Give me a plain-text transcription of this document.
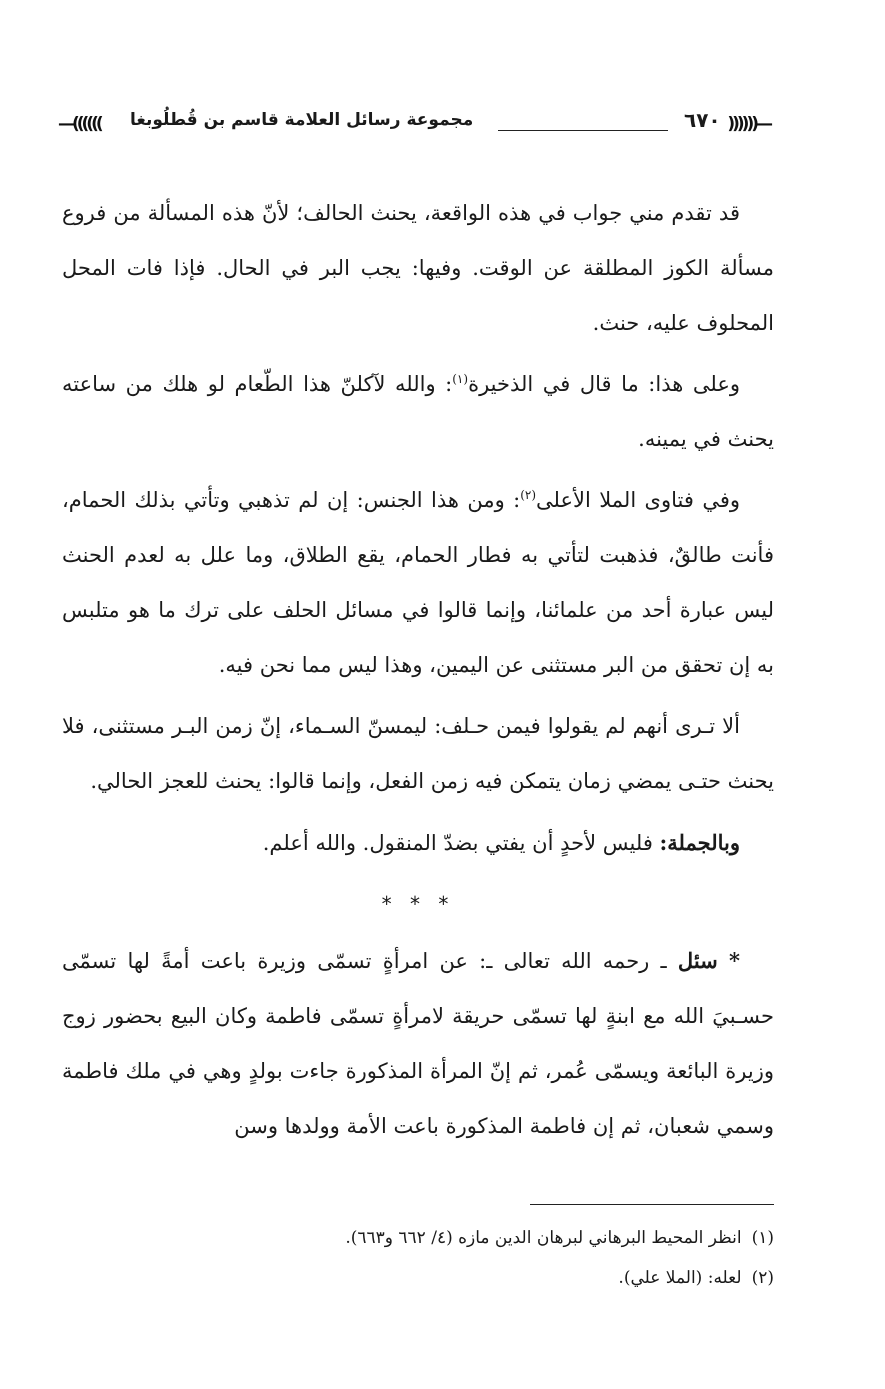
—(((((( مجموعة رسائل العلامة قاسم بن قُطلُوبغا	٦٧٠ ))))))—

قد تقدم مني جواب في هذه الواقعة، يحنث الحالف؛ لأنّ هذه المسألة من فروع مسألة الكوز المطلقة عن الوقت. وفيها: يجب البر في الحال. فإذا فات المحل المحلوف عليه، حنث.

وعلى هذا: ما قال في الذخيرة$^{(١)}$: والله لآكلنّ هذا الطّعام لو هلك من ساعته يحنث في يمينه.

وفي فتاوى الملا الأعلى$^{(٢)}$: ومن هذا الجنس: إن لم تذهبي وتأتي بذلك الحمام، فأنت طالقٌ، فذهبت لتأتي به فطار الحمام، يقع الطلاق، وما علل به لعدم الحنث ليس عبارة أحد من علمائنا، وإنما قالوا في مسائل الحلف على ترك ما هو متلبس به إن تحقق من البر مستثنى عن اليمين، وهذا ليس مما نحن فيه.

ألا تـرى أنهم لم يقولوا فيمن حـلف: ليمسنّ السـماء، إنّ زمن البـر مستثنى، فلا يحنث حتـى يمضي زمان يتمكن فيه زمن الفعل، وإنما قالوا: يحنث للعجز الحالي.

وبالجملة: فليس لأحدٍ أن يفتي بضدّ المنقول. والله أعلم.

* * *

* سئل ـ رحمه الله تعالى ـ: عن امرأةٍ تسمّى وزيرة باعت أمةً لها تسمّى حسـبيَ الله مع ابنةٍ لها تسمّى حريقة لامرأةٍ تسمّى فاطمة وكان البيع بحضور زوج وزيرة البائعة ويسمّى عُمر، ثم إنّ المرأة المذكورة جاءت بولدٍ وهي في ملك فاطمة وسمي شعبان، ثم إن فاطمة المذكورة باعت الأمة وولدها وسن

(١)انظر المحيط البرهاني لبرهان الدين مازه (٤/ ٦٦٢ و٦٦٣).

(٢)لعله: (الملا علي).
